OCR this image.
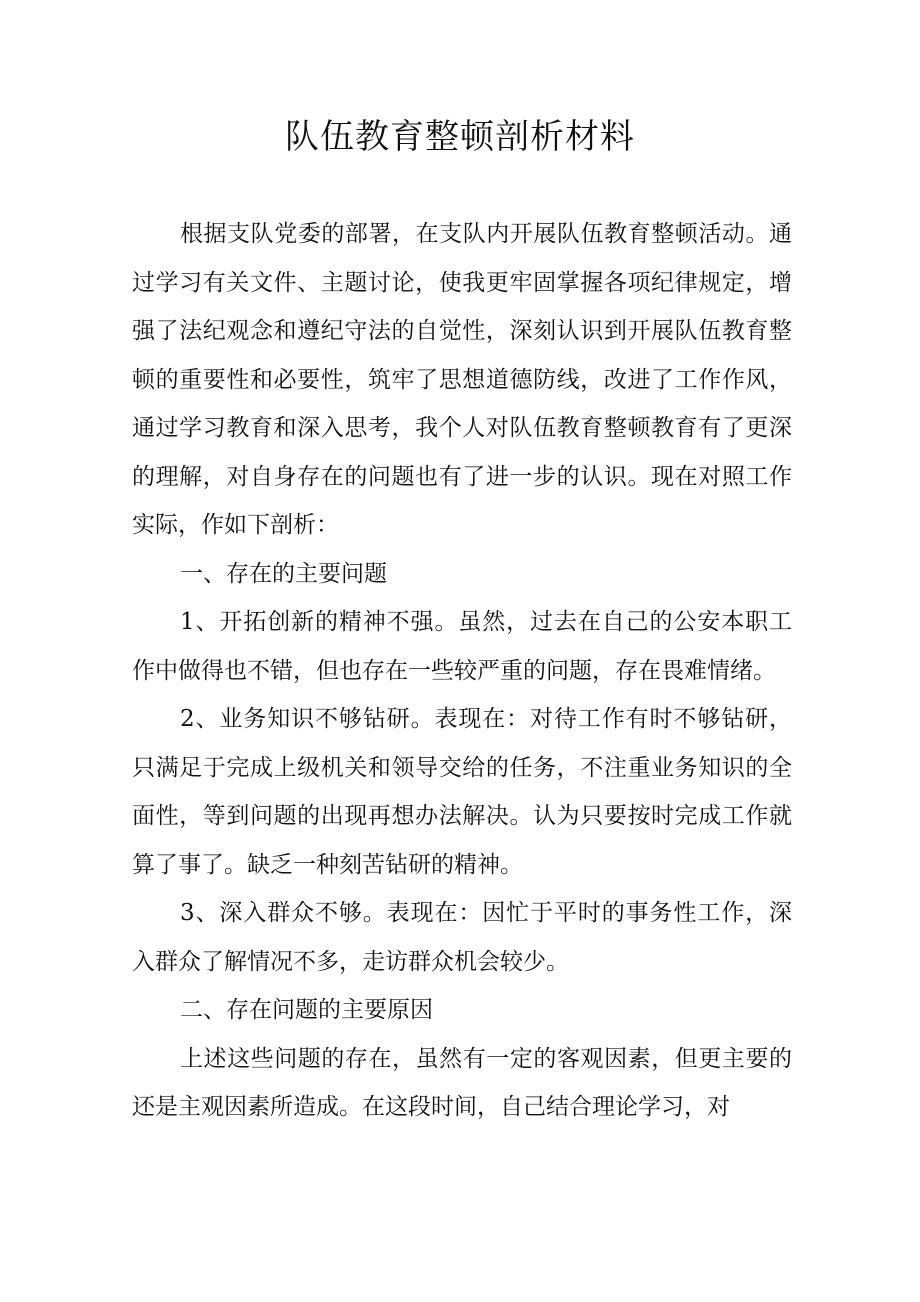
队伍教育整顿剖析材料

根据支队党委的部署，在支队内开展队伍教育整顿活动。通过学习有关文件、主题讨论，使我更牢固掌握各项纪律规定，增强了法纪观念和遵纪守法的自觉性，深刻认识到开展队伍教育整顿的重要性和必要性，筑牢了思想道德防线，改进了工作作风，通过学习教育和深入思考，我个人对队伍教育整顿教育有了更深的理解，对自身存在的问题也有了进一步的认识。现在对照工作实际，作如下剖析：

一、存在的主要问题

1、开拓创新的精神不强。虽然，过去在自己的公安本职工作中做得也不错，但也存在一些较严重的问题，存在畏难情绪。

2、业务知识不够钻研。表现在：对待工作有时不够钻研，只满足于完成上级机关和领导交给的任务，不注重业务知识的全面性，等到问题的出现再想办法解决。认为只要按时完成工作就算了事了。缺乏一种刻苦钻研的精神。

3、深入群众不够。表现在：因忙于平时的事务性工作，深入群众了解情况不多，走访群众机会较少。

二、存在问题的主要原因

上述这些问题的存在，虽然有一定的客观因素，但更主要的还是主观因素所造成。在这段时间，自己结合理论学习，对
